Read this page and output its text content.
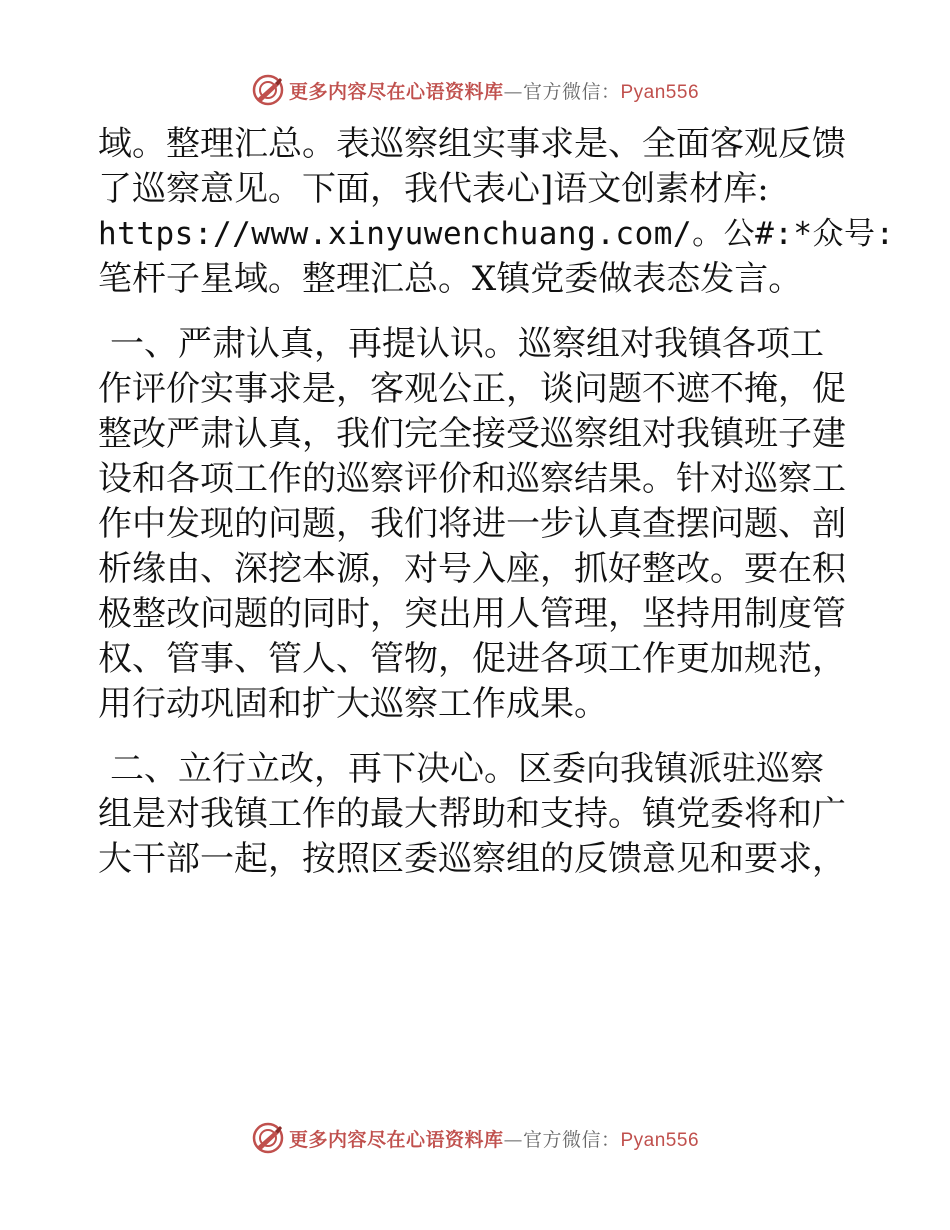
更多内容尽在心语资料库—官方微信：Pyan556
域。整理汇总。表巡察组实事求是、全面客观反馈
了巡察意见。下面，我代表心]语文创素材库:
https://www.xinyuwenchuang.com/。公#:*众号:
笔杆子星域。整理汇总。X镇党委做表态发言。
一、严肃认真，再提认识。巡察组对我镇各项工
作评价实事求是，客观公正，谈问题不遮不掩，促
整改严肃认真，我们完全接受巡察组对我镇班子建
设和各项工作的巡察评价和巡察结果。针对巡察工
作中发现的问题，我们将进一步认真查摆问题、剖
析缘由、深挖本源，对号入座，抓好整改。要在积
极整改问题的同时，突出用人管理，坚持用制度管
权、管事、管人、管物，促进各项工作更加规范，
用行动巩固和扩大巡察工作成果。
二、立行立改，再下决心。区委向我镇派驻巡察
组是对我镇工作的最大帮助和支持。镇党委将和广
大干部一起，按照区委巡察组的反馈意见和要求，
更多内容尽在心语资料库—官方微信：Pyan556
